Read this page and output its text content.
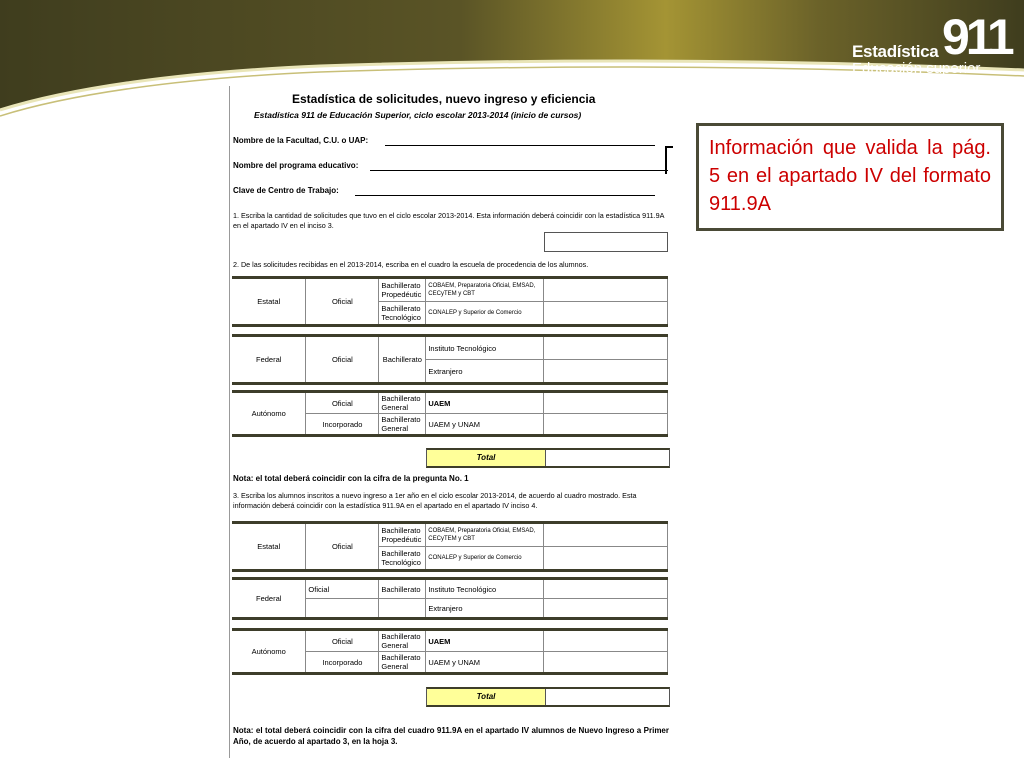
Estadística 911
Educación superior
2013-2014 inicio de cursos
Estadística de solicitudes, nuevo ingreso y eficiencia
Estadística 911 de Educación Superior, ciclo escolar 2013-2014 (inicio de cursos)
Nombre de la Facultad, C.U. o UAP:
Nombre del programa educativo:
Clave de Centro de Trabajo:
1. Escriba la cantidad de solicitudes que tuvo en el ciclo escolar 2013-2014. Esta información deberá coincidir con la estadística 911.9A en el apartado IV en el inciso 3.
2. De las solicitudes recibidas en el 2013-2014, escriba en el cuadro la escuela de procedencia de los alumnos.
Estatal	Oficial	Bachillerato Propedéutic	COBAEM, Preparatoria Oficial, EMSAD, CECyTEM y CBT	
		Bachillerato Tecnológico	CONALEP y Superior de Comercio	
Federal	Oficial	Bachillerato	Instituto Tecnológico	
			Extranjero	
Autónomo	Oficial	Bachillerato General	UAEM	
	Incorporado	Bachillerato General	UAEM y UNAM	
Total
Nota: el total deberá coincidir con la cifra de la pregunta No. 1
3. Escriba los alumnos inscritos a nuevo ingreso a 1er año en el ciclo escolar 2013-2014, de acuerdo al cuadro mostrado. Esta información deberá coincidir con la estadística 911.9A en el apartado en el apartado IV inciso 4.
Estatal	Oficial	Bachillerato Propedéutic	COBAEM, Preparatoria Oficial, EMSAD, CECyTEM y CBT	
		Bachillerato Tecnológico	CONALEP y Superior de Comercio	
Federal	Oficial	Bachillerato	Instituto Tecnológico	
			Extranjero	
Autónomo	Oficial	Bachillerato General	UAEM	
	Incorporado	Bachillerato General	UAEM y UNAM	
Total
Nota: el total deberá coincidir con la cifra del cuadro 911.9A en el apartado IV alumnos de Nuevo Ingreso a Primer Año, de acuerdo al apartado 3, en la hoja 3.
Información que valida la pág. 5 en el apartado IV del formato 911.9A
